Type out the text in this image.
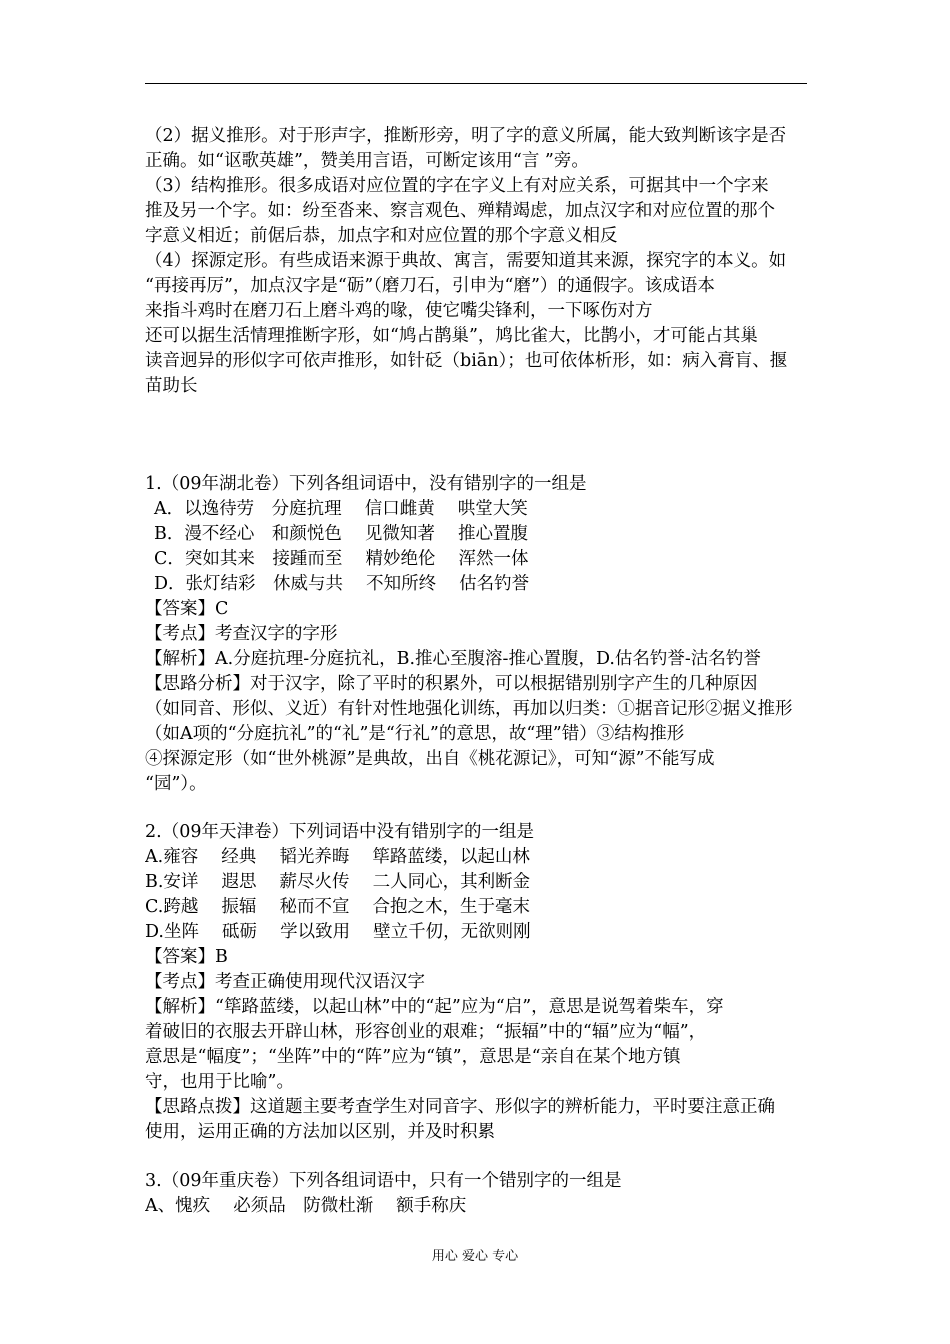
（2）据义推形。对于形声字，推断形旁，明了字的意义所属，能大致判断该字是否
正确。如“讴歌英雄”，赞美用言语，可断定该用“言 ”旁。
（3）结构推形。很多成语对应位置的字在字义上有对应关系，可据其中一个字来
推及另一个字。如：纷至沓来、察言观色、殚精竭虑，加点汉字和对应位置的那个
字意义相近；前倨后恭，加点字和对应位置的那个字意义相反
（4）探源定形。有些成语来源于典故、寓言，需要知道其来源，探究字的本义。如
“再接再厉”，加点汉字是“砺”（磨刀石，引申为“磨”）的通假字。该成语本
来指斗鸡时在磨刀石上磨斗鸡的喙，使它嘴尖锋利，一下啄伤对方
还可以据生活情理推断字形，如“鸠占鹊巢”，鸠比雀大，比鹊小，才可能占其巢
读音迥异的形似字可依声推形，如针砭（biān）；也可依体析形，如：病入膏肓、揠
苗助长
1.（09年湖北卷）下列各组词语中，没有错别字的一组是
A．以逸待劳　分庭抗理　 信口雌黄　 哄堂大笑
B．漫不经心　和颜悦色　 见微知著　 推心置腹
C．突如其来　接踵而至　 精妙绝伦　 浑然一体
D．张灯结彩　休威与共　 不知所终　 估名钓誉
【答案】C
【考点】考查汉字的字形
【解析】A.分庭抗理-分庭抗礼，B.推心至腹溶-推心置腹，D.估名钓誉-沽名钓誉
【思路分析】对于汉字，除了平时的积累外，可以根据错别别字产生的几种原因
（如同音、形似、义近）有针对性地强化训练，再加以归类：①据音记形②据义推形
（如A项的“分庭抗礼”的“礼”是“行礼”的意思，故“理”错）③结构推形
④探源定形（如“世外桃源”是典故，出自《桃花源记》，可知“源”不能写成
“园”）。
2.（09年天津卷）下列词语中没有错别字的一组是
A.雍容　 经典　 韬光养晦　 筚路蓝缕，以起山林
B.安详　 遐思　 薪尽火传　 二人同心，其利断金
C.跨越　 振辐　 秘而不宣　 合抱之木，生于毫末
D.坐阵　 砥砺　 学以致用　 壁立千仞，无欲则刚
【答案】B
【考点】考查正确使用现代汉语汉字
【解析】“筚路蓝缕，以起山林”中的“起”应为“启”，意思是说驾着柴车，穿
着破旧的衣服去开辟山林，形容创业的艰难；“振辐”中的“辐”应为“幅”，
意思是“幅度”；“坐阵”中的“阵”应为“镇”，意思是“亲自在某个地方镇
守，也用于比喻”。
【思路点拨】这道题主要考查学生对同音字、形似字的辨析能力，平时要注意正确
使用，运用正确的方法加以区别，并及时积累
3.（09年重庆卷）下列各组词语中，只有一个错别字的一组是
A、愧疚　 必须品　防微杜渐　 额手称庆
用心 爱心 专心
